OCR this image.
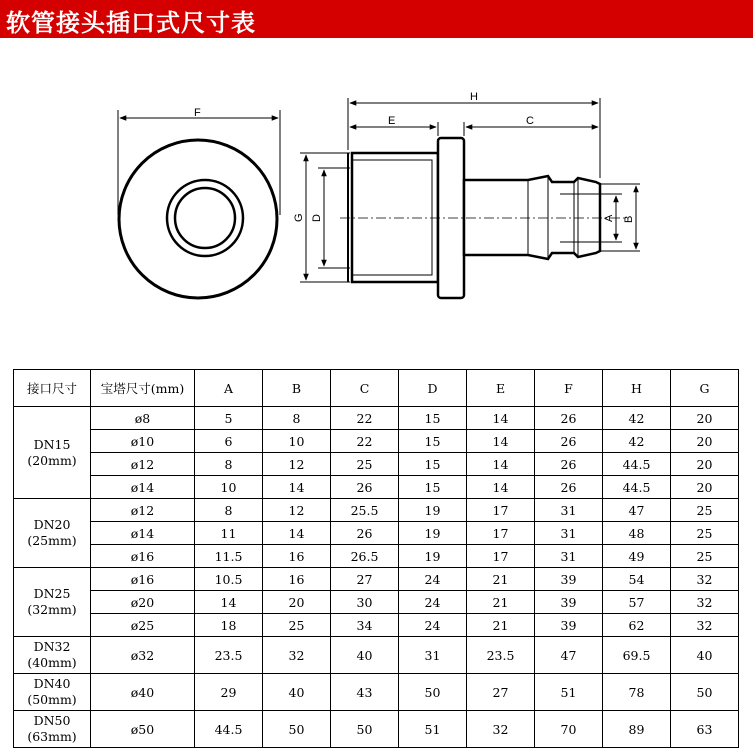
软管接头插口式尺寸表
F
H
E	C
G D	A B
接口尺寸	宝塔尺寸(mm)	A	B	C	D	E	F	H	G
DN15
(20mm)	ø8	5	8	22	15	14	26	42	20
	ø10	6	10	22	15	14	26	42	20
	ø12	8	12	25	15	14	26	44.5	20
	ø14	10	14	26	15	14	26	44.5	20
DN20
(25mm)	ø12	8	12	25.5	19	17	31	47	25
	ø14	11	14	26	19	17	31	48	25
	ø16	11.5	16	26.5	19	17	31	49	25
DN25
(32mm)	ø16	10.5	16	27	24	21	39	54	32
	ø20	14	20	30	24	21	39	57	32
	ø25	18	25	34	24	21	39	62	32
DN32
(40mm)	ø32	23.5	32	40	31	23.5	47	69.5	40
DN40
(50mm)	ø40	29	40	43	50	27	51	78	50
DN50
(63mm)	ø50	44.5	50	50	51	32	70	89	63
